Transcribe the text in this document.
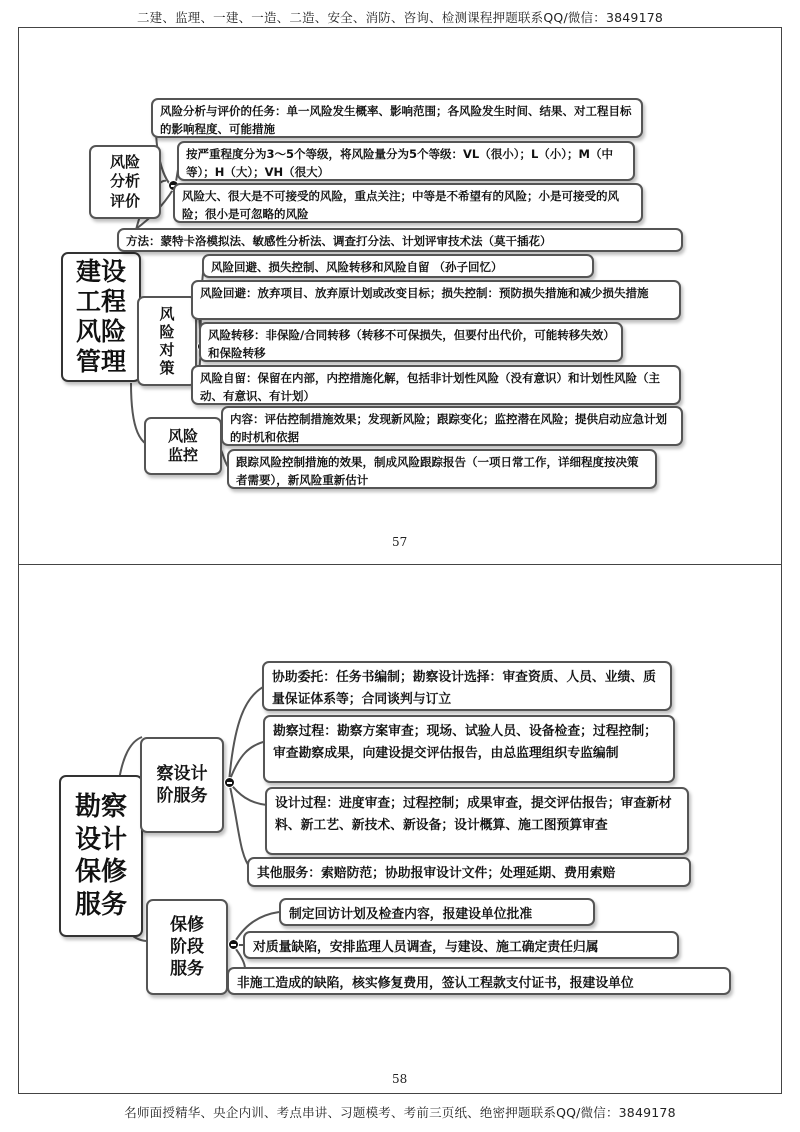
二建、监理、一建、一造、二造、安全、消防、咨询、检测课程押题联系QQ/微信：3849178
建设工程风险管理
风险分析评价
风险分析与评价的任务：单一风险发生概率、影响范围；各风险发生时间、结果、对工程目标的影响程度、可能措施
按严重程度分为3～5个等级，将风险量分为5个等级：VL（很小）；L（小）；M（中等）；H（大）；VH（很大）
风险大、很大是不可接受的风险，重点关注；中等是不希望有的风险；小是可接受的风险；很小是可忽略的风险
方法：蒙特卡洛模拟法、敏感性分析法、调查打分法、计划评审技术法（莫干插花）
风险对策
风险回避、损失控制、风险转移和风险自留 （孙子回忆）
风险回避：放弃项目、放弃原计划或改变目标；损失控制：预防损失措施和减少损失措施
风险转移：非保险/合同转移（转移不可保损失，但要付出代价，可能转移失效）和保险转移
风险自留：保留在内部，内控措施化解，包括非计划性风险（没有意识）和计划性风险（主动、有意识、有计划）
风险监控
内容：评估控制措施效果；发现新风险；跟踪变化；监控潜在风险；提供启动应急计划的时机和依据
跟踪风险控制措施的效果，制成风险跟踪报告（一项日常工作，详细程度按决策者需要），新风险重新估计
57
勘察设计保修服务
察设计阶服务
协助委托：任务书编制；勘察设计选择：审查资质、人员、业绩、质量保证体系等；合同谈判与订立
勘察过程：勘察方案审查；现场、试验人员、设备检查；过程控制；审查勘察成果，向建设提交评估报告，由总监理组织专监编制
设计过程：进度审查；过程控制；成果审查，提交评估报告；审查新材料、新工艺、新技术、新设备；设计概算、施工图预算审查
其他服务：索赔防范；协助报审设计文件；处理延期、费用索赔
保修阶段服务
制定回访计划及检查内容，报建设单位批准
对质量缺陷，安排监理人员调查，与建设、施工确定责任归属
非施工造成的缺陷，核实修复费用，签认工程款支付证书，报建设单位
58
名师面授精华、央企内训、考点串讲、习题模考、考前三页纸、绝密押题联系QQ/微信：3849178
